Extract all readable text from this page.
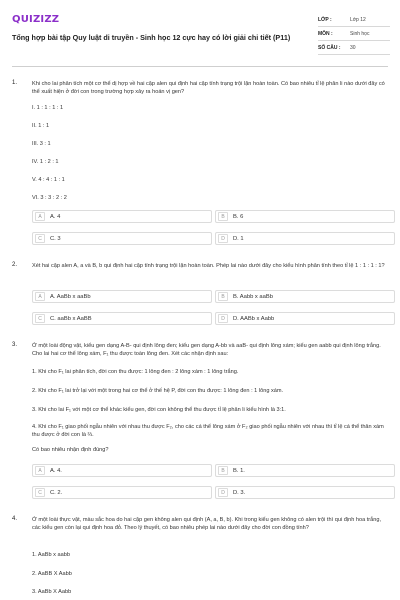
QUIZIZZ
Tổng hợp bài tập Quy luật di truyền - Sinh học 12 cực hay có lời giải chi tiết (P11)
LỚP :	Lớp 12
MÔN :	Sinh học
SỐ CÂU :	30
1.	Khi cho lai phân tích một cơ thể dị hợp về hai cặp alen qui định hai cặp tính trạng trội lặn hoàn toàn. Có bao nhiêu tỉ lệ phân li nào dưới đây có thể xuất hiện ở đời con trong trường hợp xảy ra hoán vị gen?
I. 1 : 1 : 1 : 1
II. 1 : 1
III. 3 : 1
IV. 1 : 2 : 1
V. 4 : 4 : 1 : 1
VI. 3 : 3 : 2 : 2
A	A. 4	B	B. 6
C	C. 3	D	D. 1
2.	Xét hai cặp alen A, a và B, b qui định hai cặp tính trạng trội lặn hoàn toàn. Phép lai nào dưới đây cho kiểu hình phân tính theo tỉ lệ 1 : 1 : 1 : 1?
A	A. AaBb x aaBb	B	B. Aabb x aaBb
C	C. aaBb x AaBB	D	D. AABb x Aabb
3.	Ở một loài động vật, kiểu gen dạng A-B- qui định lông đen; kiểu gen dạng A-bb và aaB- qui định lông xám; kiểu gen aabb qui định lông trắng. Cho lai hai cơ thể lông xám, F₁ thu được toàn lông đen. Xét các nhận định sau:
1. Khi cho F₁ lai phân tích, đời con thu được: 1 lông đen : 2 lông xám : 1 lông trắng.
2. Khi cho F₁ lai trở lại với một trong hai cơ thể ở thế hệ P, đời con thu được: 1 lông đen : 1 lông xám.
3. Khi cho lai F₁ với một cơ thể khác kiểu gen, đời con không thể thu được tỉ lệ phân li kiểu hình là 3:1.
4. Khi cho F₁ giao phối ngẫu nhiên với nhau thu được F₂, cho các cá thể lông xám ở F₂ giao phối ngẫu nhiên với nhau thì tỉ lệ cá thể thân xám thu được ở đời con là ⅔.
Có bao nhiêu nhận định đúng?
A	A. 4.	B	B. 1.
C	C. 2.	D	D. 3.
4.	Ở một loài thực vật, màu sắc hoa do hai cặp gen không alen qui định (A, a, B, b). Khi trong kiểu gen không có alen trội thì qui định hoa trắng, các kiểu gen còn lại qui định hoa đỏ. Theo lý thuyết, có bao nhiêu phép lai nào dưới đây cho đời con đồng tính?
1. AaBb x aabb
2. AaBB X Aabb
3. AaBb X Aabb
